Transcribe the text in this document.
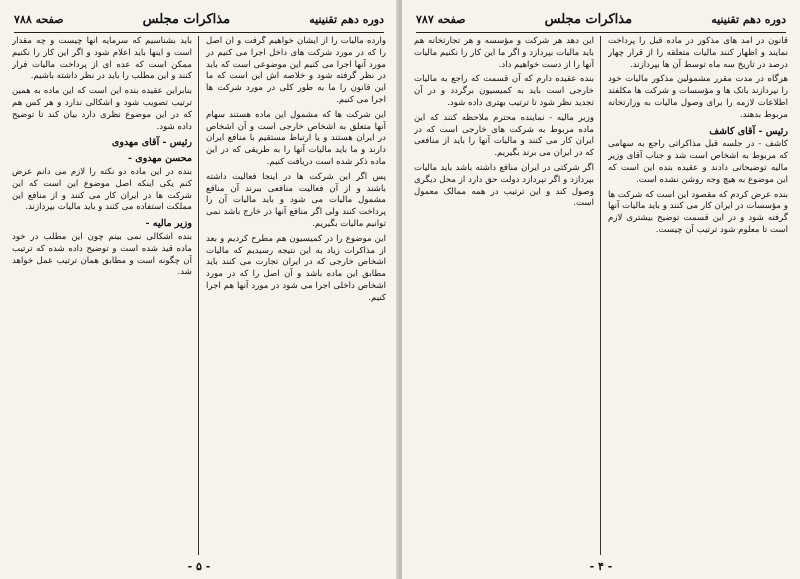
دوره دهم تقنینیه
مذاکرات مجلس
صفحه ۷۸۸

وارده مالیات را از ایشان خواهیم گرفت و آن اصل را که در مورد شرکت های داخل اجرا می کنیم در مورد آنها اجرا می کنیم این موضوعی است که باید در نظر گرفته شود و خلاصه اش این است که ما این قانون را ما به طور کلی در مورد شرکت ها اجرا می کنیم.

این شرکت ها که مشمول این ماده هستند سهام آنها متعلق به اشخاص خارجی است و آن اشخاص در ایران هستند و یا ارتباط مستقیم با منافع ایران دارند و ما باید مالیات آنها را به طریقی که در این ماده ذکر شده است دریافت کنیم.

پس اگر این شرکت ها در اینجا فعالیت داشته باشند و از آن فعالیت منافعی ببرند آن منافع مشمول مالیات می شود و باید مالیات آن را پرداخت کنند ولی اگر منافع آنها در خارج باشد نمی توانیم مالیات بگیریم.

این موضوع را در کمیسیون هم مطرح کردیم و بعد از مذاکرات زیاد به این نتیجه رسیدیم که مالیات اشخاص خارجی که در ایران تجارت می کنند باید مطابق این ماده باشد و آن اصل را که در مورد اشخاص داخلی اجرا می شود در مورد آنها هم اجرا کنیم.

باید بشناسیم که سرمایه آنها چیست و چه مقدار است و اینها باید اعلام شود و اگر این کار را نکنیم ممکن است که عده ای از پرداخت مالیات فرار کنند و این مطلب را باید در نظر داشته باشیم.

بنابراین عقیده بنده این است که این ماده به همین ترتیب تصویب شود و اشکالی ندارد و هر کس هم که در این موضوع نظری دارد بیان کند تا توضیح داده شود.

رئیس - آقای مهدوی

محسن مهدوی -

بنده در این ماده دو نکته را لازم می دانم عرض کنم یکی اینکه اصل موضوع این است که این شرکت ها در ایران کار می کنند و از منافع این مملکت استفاده می کنند و باید مالیات بپردازند.

وزیر مالیه -

بنده اشکالی نمی بینم چون این مطلب در خود ماده قید شده است و توضیح داده شده که ترتیب آن چگونه است و مطابق همان ترتیب عمل خواهد شد.

- ۵ -
دوره دهم تقنینیه
مذاکرات مجلس
صفحه ۷۸۷

قانون در آمد های مذکور در ماده قبل را پرداخت نمایند و اظهار کنند مالیات متعلقه را از قرار چهار درصد در تاریخ سه ماه توسط آن ها بپردازند.

هرگاه در مدت مقرر مشمولین مذکور مالیات خود را نپردازند بانک ها و مؤسسات و شرکت ها مکلفند اطلاعات لازمه را برای وصول مالیات به وزارتخانه مربوط بدهند.

رئیس - آقای کاشف

کاشف - در جلسه قبل مذاکراتی راجع به سهامی که مربوط به اشخاص است شد و جناب آقای وزیر مالیه توضیحاتی دادند و عقیده بنده این است که این موضوع به هیچ وجه روشن نشده است.

بنده عرض کردم که مقصود این است که شرکت ها و مؤسسات در ایران کار می کنند و باید مالیات آنها گرفته شود و در این قسمت توضیح بیشتری لازم است تا معلوم شود ترتیب آن چیست.

این دهد هر شرکت و مؤسسه و هر تجارتخانه هم باید مالیات بپردازد و اگر ما این کار را نکنیم مالیات آنها را از دست خواهیم داد.

بنده عقیده دارم که آن قسمت که راجع به مالیات خارجی است باید به کمیسیون برگردد و در آن تجدید نظر شود تا ترتیب بهتری داده شود.

وزیر مالیه - نماینده محترم ملاحظه کنند که این ماده مربوط به شرکت های خارجی است که در ایران کار می کنند و مالیات آنها را باید از منافعی که در ایران می برند بگیریم.

اگر شرکتی در ایران منافع داشته باشد باید مالیات بپردازد و اگر نپردازد دولت حق دارد از محل دیگری وصول کند و این ترتیب در همه ممالک معمول است.

- ۴ -
